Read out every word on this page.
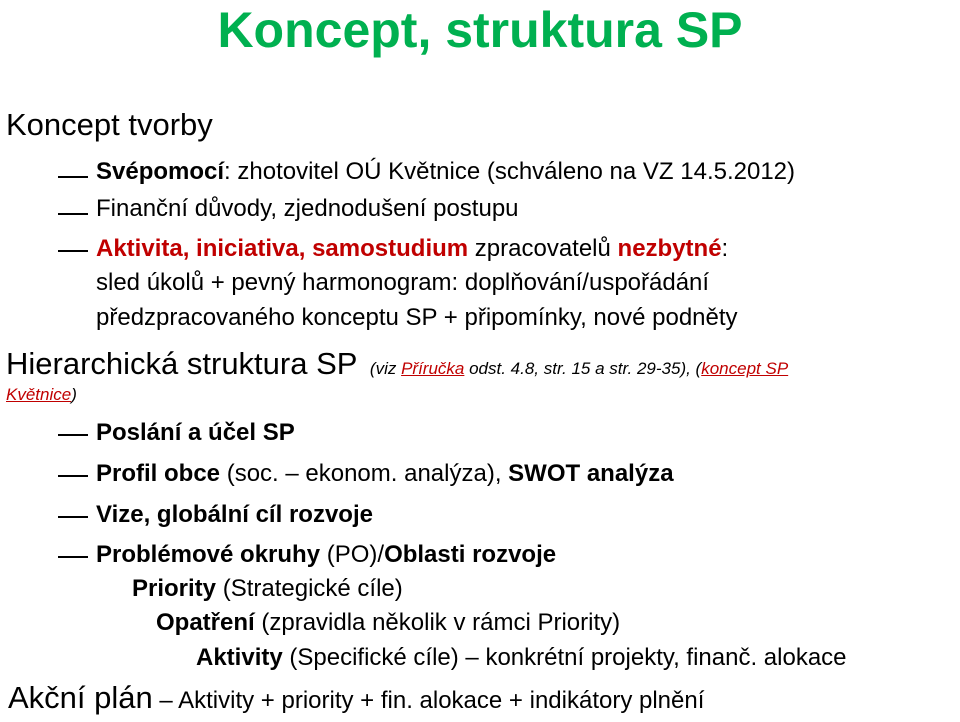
Koncept, struktura SP
Koncept tvorby
Svépomocí: zhotovitel OÚ Květnice (schváleno na VZ 14.5.2012)
Finanční důvody, zjednodušení postupu
Aktivita, iniciativa, samostudium zpracovatelů nezbytné:
sled úkolů + pevný harmonogram: doplňování/uspořádání
předzpracovaného konceptu SP + připomínky, nové podněty
Hierarchická struktura SP (viz Příručka odst. 4.8, str. 15 a str. 29-35), (koncept SP
Květnice)
Poslání a účel SP
Profil obce (soc. – ekonom. analýza), SWOT analýza
Vize, globální cíl rozvoje
Problémové okruhy (PO)/Oblasti rozvoje
Priority (Strategické cíle)
Opatření (zpravidla několik v rámci Priority)
Aktivity (Specifické cíle) – konkrétní projekty, finanč. alokace
Akční plán – Aktivity + priority + fin. alokace + indikátory plnění
